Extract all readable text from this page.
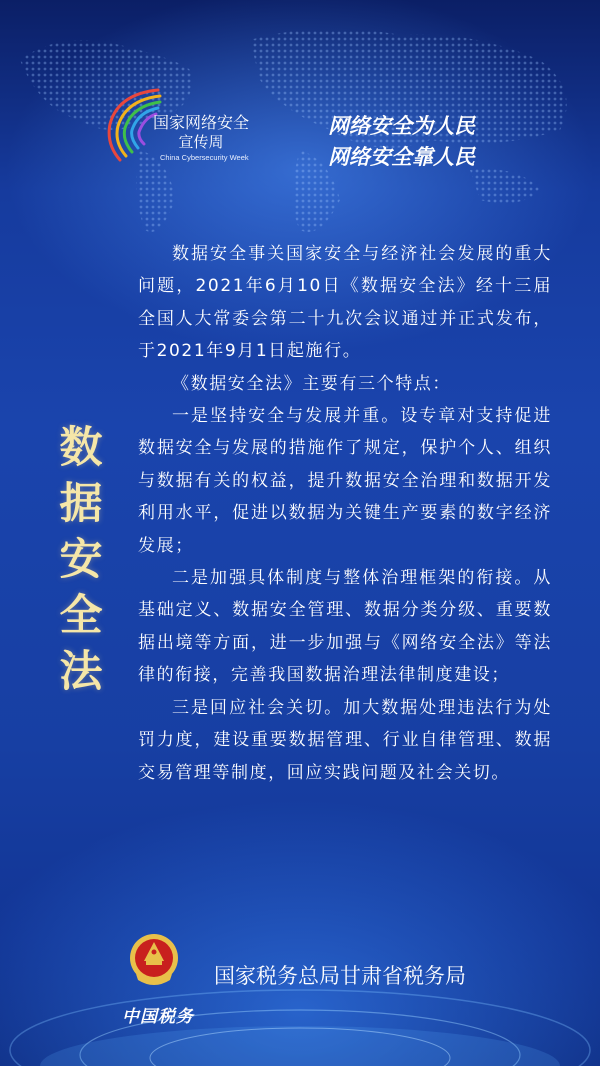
国家网络安全
宣传周
China Cybersecurity Week
网络安全为人民
网络安全靠人民
数
据
安
全
法

数据安全事关国家安全与经济社会发展的重大问题，2021年6月10日《数据安全法》经十三届全国人大常委会第二十九次会议通过并正式发布，于2021年9月1日起施行。

《数据安全法》主要有三个特点：

一是坚持安全与发展并重。设专章对支持促进数据安全与发展的措施作了规定，保护个人、组织与数据有关的权益，提升数据安全治理和数据开发利用水平，促进以数据为关键生产要素的数字经济发展；

二是加强具体制度与整体治理框架的衔接。从基础定义、数据安全管理、数据分类分级、重要数据出境等方面，进一步加强与《网络安全法》等法律的衔接，完善我国数据治理法律制度建设；

三是回应社会关切。加大数据处理违法行为处罚力度，建设重要数据管理、行业自律管理、数据交易管理等制度，回应实践问题及社会关切。

国家税务总局甘肃省税务局
中国税务
